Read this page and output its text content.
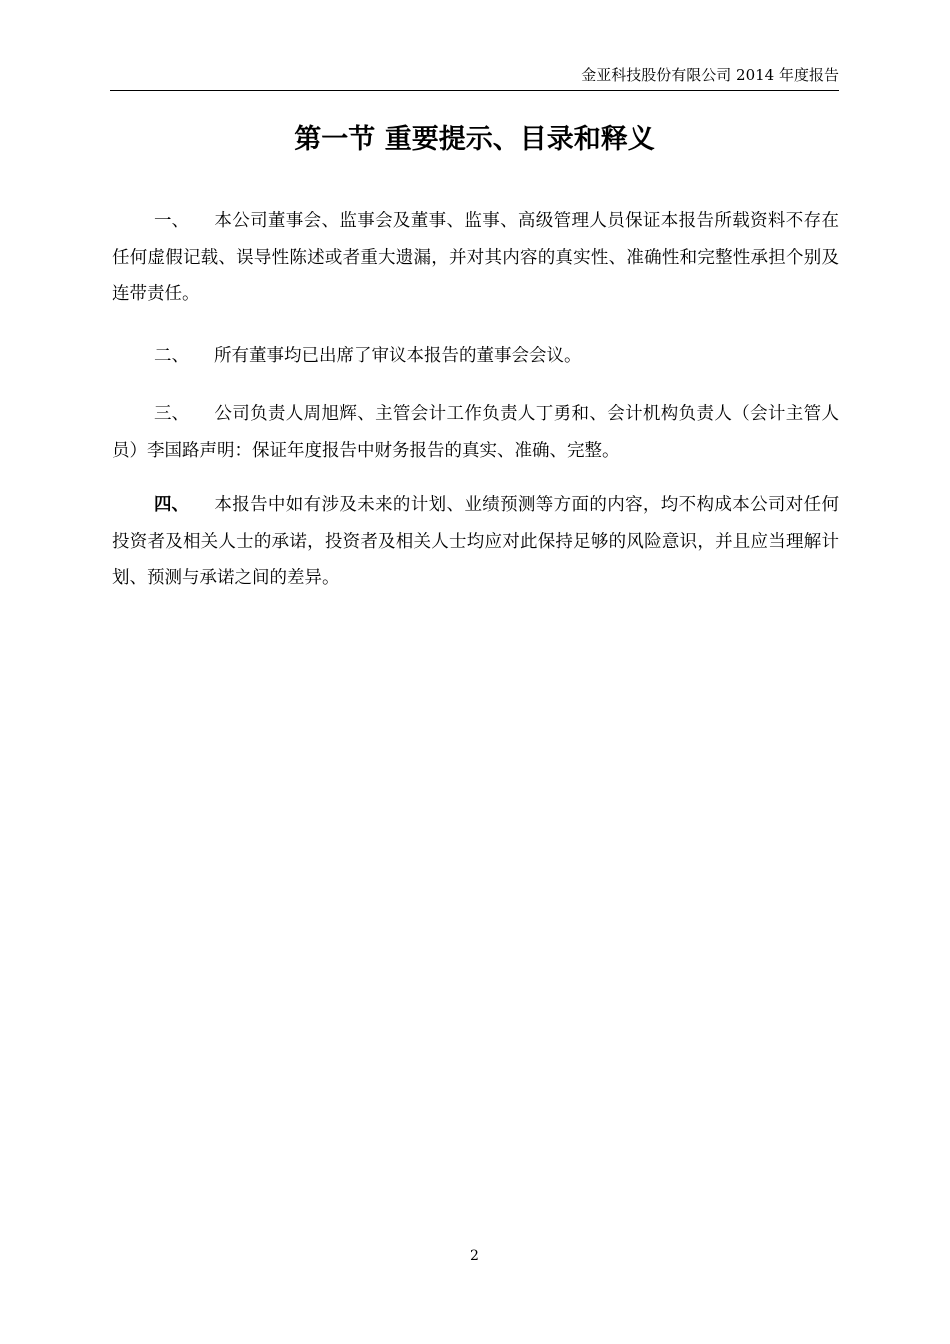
金亚科技股份有限公司 2014 年度报告
第一节 重要提示、目录和释义

一、 本公司董事会、监事会及董事、监事、高级管理人员保证本报告所载资料不存在任何虚假记载、误导性陈述或者重大遗漏，并对其内容的真实性、准确性和完整性承担个别及连带责任。

二、 所有董事均已出席了审议本报告的董事会会议。

三、 公司负责人周旭辉、主管会计工作负责人丁勇和、会计机构负责人（会计主管人员）李国路声明：保证年度报告中财务报告的真实、准确、完整。

四、 本报告中如有涉及未来的计划、业绩预测等方面的内容，均不构成本公司对任何投资者及相关人士的承诺，投资者及相关人士均应对此保持足够的风险意识，并且应当理解计划、预测与承诺之间的差异。

2
